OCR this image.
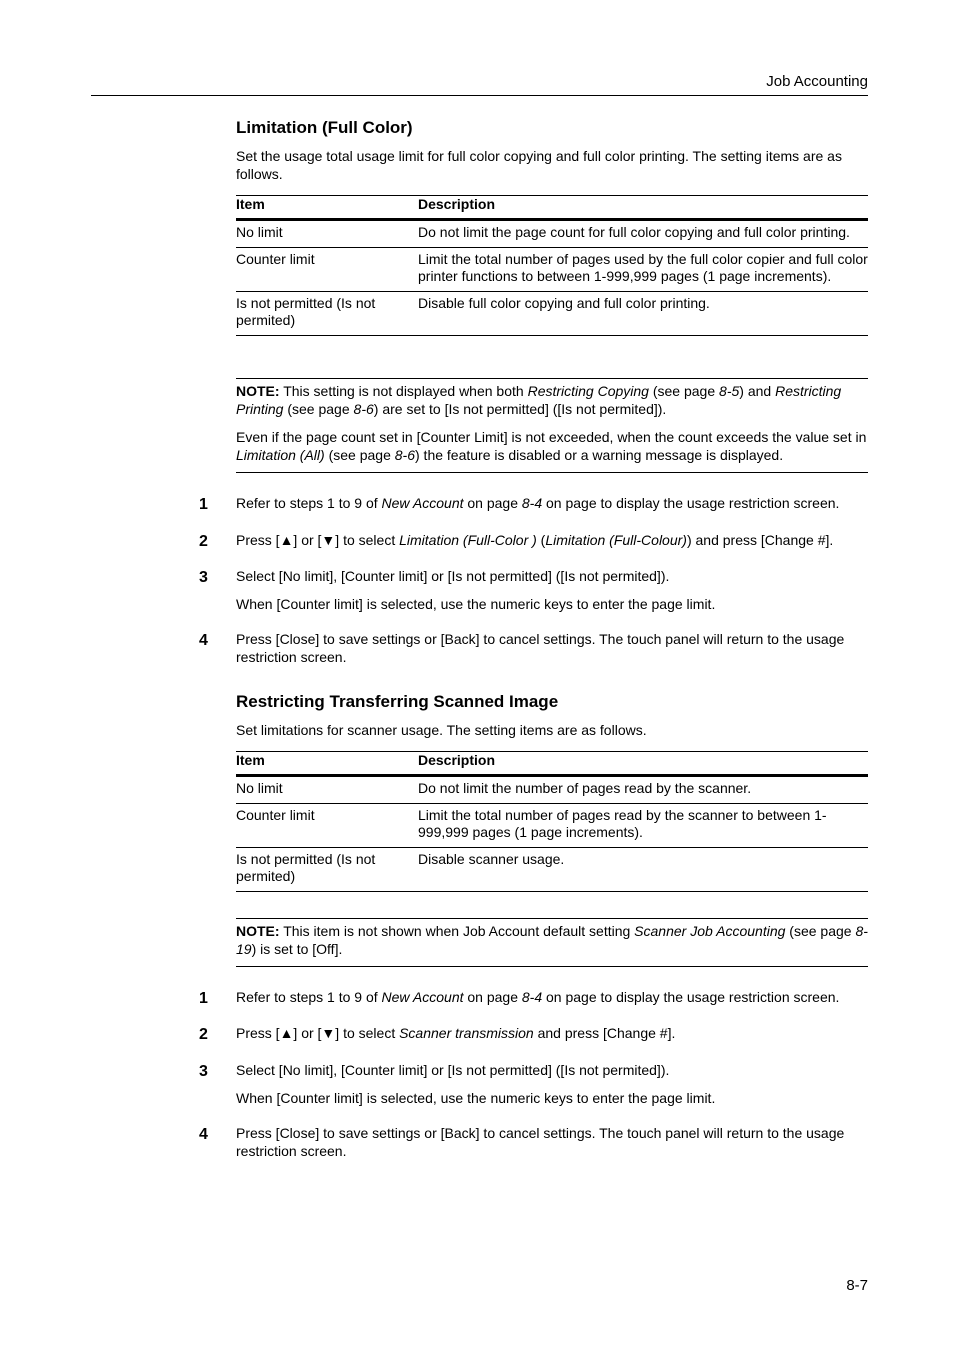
Job Accounting
Limitation (Full Color)
Set the usage total usage limit for full color copying and full color printing. The setting items are as follows.
Item	Description
No limit	Do not limit the page count for full color copying and full color printing.
Counter limit	Limit the total number of pages used by the full color copier and full color printer functions to between 1-999,999 pages (1 page increments).
Is not permitted (Is not permited)	Disable full color copying and full color printing.

NOTE: This setting is not displayed when both Restricting Copying (see page 8-5) and Restricting Printing (see page 8-6) are set to [Is not permitted] ([Is not permited]).

Even if the page count set in [Counter Limit] is not exceeded, when the count exceeds the value set in Limitation (All) (see page 8-6) the feature is disabled or a warning message is displayed.

1 Refer to steps 1 to 9 of New Account on page 8-4 on page to display the usage restriction screen.
2 Press [▲] or [▼] to select Limitation (Full-Color ) (Limitation (Full-Colour)) and press [Change #].
3 Select [No limit], [Counter limit] or [Is not permitted] ([Is not permited]).
When [Counter limit] is selected, use the numeric keys to enter the page limit.
4 Press [Close] to save settings or [Back] to cancel settings. The touch panel will return to the usage restriction screen.
Restricting Transferring Scanned Image
Set limitations for scanner usage. The setting items are as follows.
Item	Description
No limit	Do not limit the number of pages read by the scanner.
Counter limit	Limit the total number of pages read by the scanner to between 1-999,999 pages (1 page increments).
Is not permitted (Is not permited)	Disable scanner usage.

NOTE: This item is not shown when Job Account default setting Scanner Job Accounting (see page 8-19) is set to [Off].

1 Refer to steps 1 to 9 of New Account on page 8-4 on page to display the usage restriction screen.
2 Press [▲] or [▼] to select Scanner transmission and press [Change #].
3 Select [No limit], [Counter limit] or [Is not permitted] ([Is not permited]).
When [Counter limit] is selected, use the numeric keys to enter the page limit.
4 Press [Close] to save settings or [Back] to cancel settings. The touch panel will return to the usage restriction screen.
8-7
